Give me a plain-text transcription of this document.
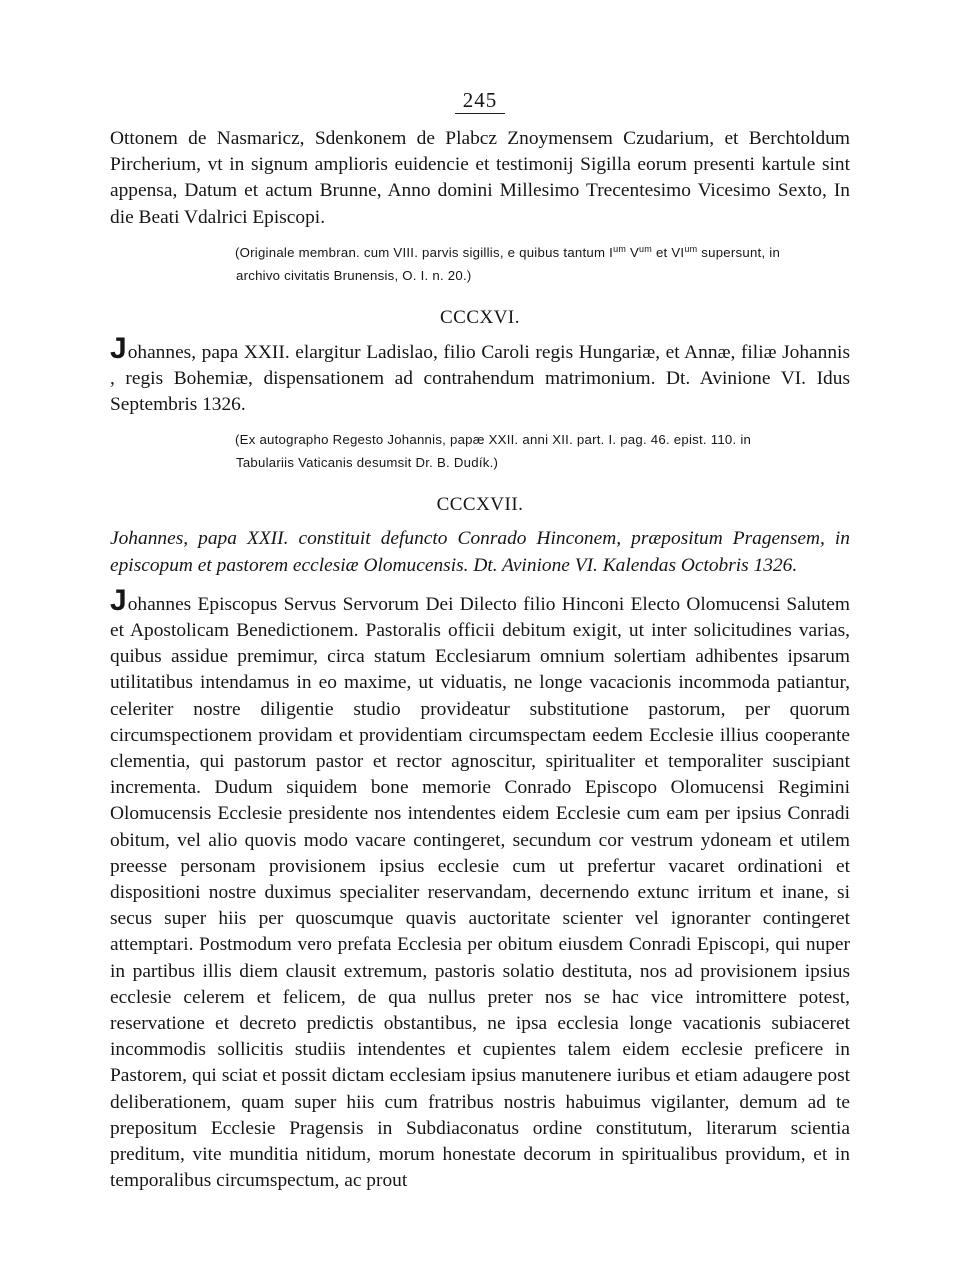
245

Ottonem de Nasmaricz, Sdenkonem de Plabcz Znoymensem Czudarium, et Berchtoldum Pircherium, vt in signum amplioris euidencie et testimonij Sigilla eorum presenti kartule sint appensa, Datum et actum Brunne, Anno domini Millesimo Trecentesimo Vicesimo Sexto, In die Beati Vdalrici Episcopi.

(Originale membran. cum VIII. parvis sigillis, e quibus tantum $I^{um}$ $V^{um}$ et $VI^{um}$ supersunt, in
archivo civitatis Brunensis, O. I. n. 20.)
CCCXVI.

Johannes, papa XXII. elargitur Ladislao, filio Caroli regis Hungariæ, et Annæ, filiæ Johannis , regis Bohemiæ, dispensationem ad contrahendum matrimonium. Dt. Avinione VI. Idus Septembris 1326.

(Ex autographo Regesto Johannis, papæ XXII. anni XII. part. I. pag. 46. epist. 110. in
Tabulariis Vaticanis desumsit Dr. B. Dudík.)
CCCXVII.

Johannes, papa XXII. constituit defuncto Conrado Hinconem, præpositum Pragensem, in episcopum et pastorem ecclesiæ Olomucensis. Dt. Avinione VI. Kalendas Octobris 1326.

Johannes Episcopus Servus Servorum Dei Dilecto filio Hinconi Electo Olomucensi Salutem et Apostolicam Benedictionem. Pastoralis officii debitum exigit, ut inter solicitudines varias, quibus assidue premimur, circa statum Ecclesiarum omnium solertiam adhibentes ipsarum utilitatibus intendamus in eo maxime, ut viduatis, ne longe vacacionis incommoda patiantur, celeriter nostre diligentie studio provideatur substitutione pastorum, per quorum circumspectionem providam et providentiam circumspectam eedem Ecclesie illius cooperante clementia, qui pastorum pastor et rector agnoscitur, spiritualiter et temporaliter suscipiant incrementa. Dudum siquidem bone memorie Conrado Episcopo Olomucensi Regimini Olomucensis Ecclesie presidente nos intendentes eidem Ecclesie cum eam per ipsius Conradi obitum, vel alio quovis modo vacare contingeret, secundum cor vestrum ydoneam et utilem preesse personam provisionem ipsius ecclesie cum ut prefertur vacaret ordinationi et dispositioni nostre duximus specialiter reservandam, decernendo extunc irritum et inane, si secus super hiis per quoscumque quavis auctoritate scienter vel ignoranter contingeret attemptari. Postmodum vero prefata Ecclesia per obitum eiusdem Conradi Episcopi, qui nuper in partibus illis diem clausit extremum, pastoris solatio destituta, nos ad provisionem ipsius ecclesie celerem et felicem, de qua nullus preter nos se hac vice intromittere potest, reservatione et decreto predictis obstantibus, ne ipsa ecclesia longe vacationis subiaceret incommodis sollicitis studiis intendentes et cupientes talem eidem ecclesie preficere in Pastorem, qui sciat et possit dictam ecclesiam ipsius manutenere iuribus et etiam adaugere post deliberationem, quam super hiis cum fratribus nostris habuimus vigilanter, demum ad te prepositum Ecclesie Pragensis in Subdiaconatus ordine constitutum, literarum scientia preditum, vite munditia nitidum, morum honestate decorum in spiritualibus providum, et in temporalibus circumspectum, ac prout
